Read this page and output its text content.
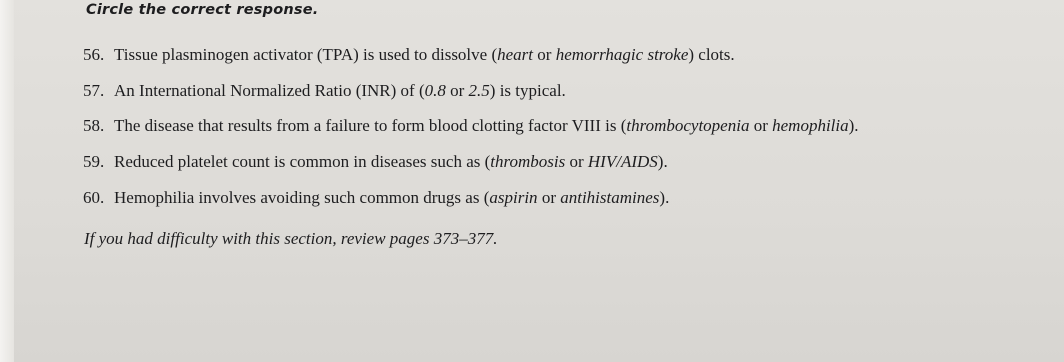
Circle the correct response.
56. Tissue plasminogen activator (TPA) is used to dissolve (heart or hemorrhagic stroke) clots.
57. An International Normalized Ratio (INR) of (0.8 or 2.5) is typical.
58. The disease that results from a failure to form blood clotting factor VIII is (thrombocytopenia or hemophilia).
59. Reduced platelet count is common in diseases such as (thrombosis or HIV/AIDS).
60. Hemophilia involves avoiding such common drugs as (aspirin or antihistamines).
If you had difficulty with this section, review pages 373–377.
